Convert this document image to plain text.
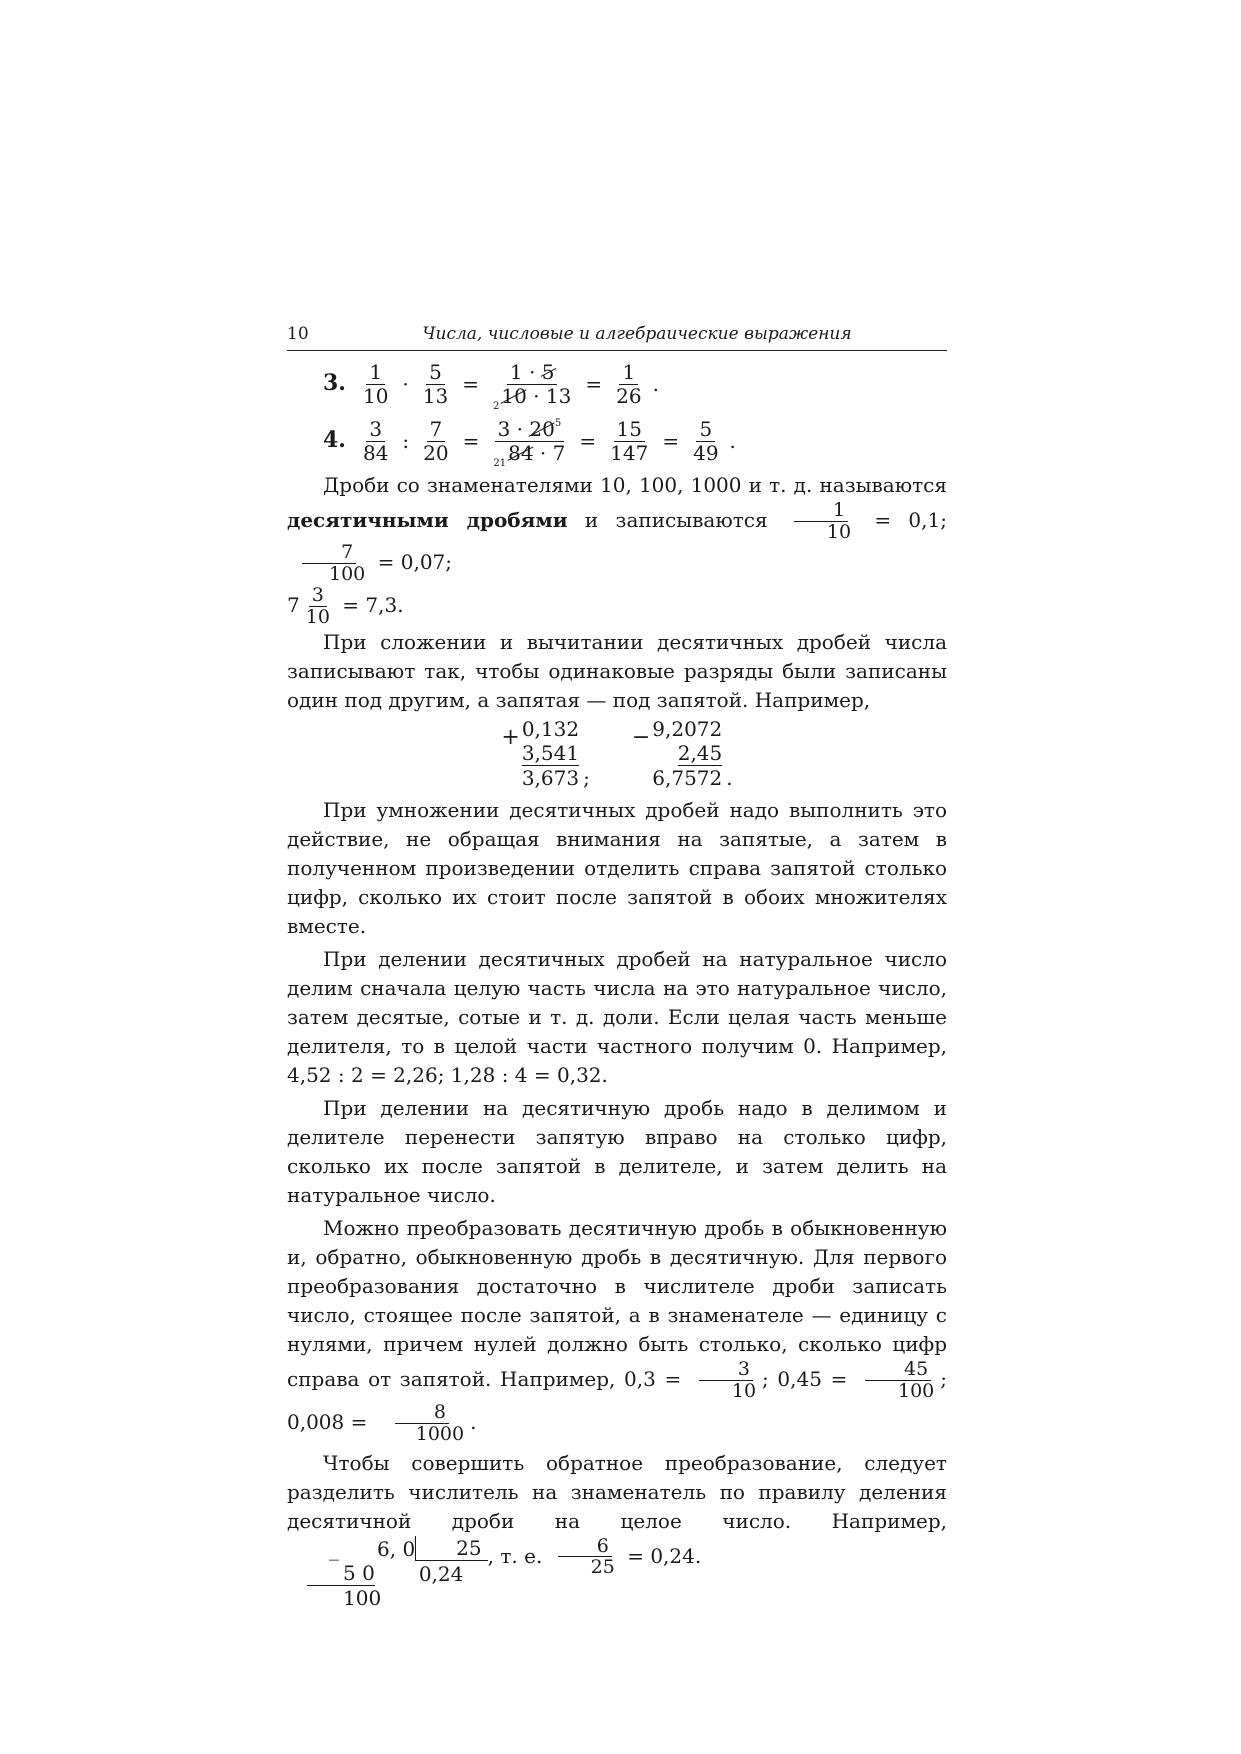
10	Числа, числовые и алгебраические выражения
3. $\frac{1}{10} \cdot \frac{5}{13} = \frac{1 \cdot 5}{_2 10 \cdot 13} = \frac{1}{26}$ .
4. $\frac{3}{84}$ : $\frac{7}{20} = \frac{3 \cdot 20^5}{_{21} 84 \cdot 7} = \frac{15}{147} = \frac{5}{49}$ .

Дроби со знаменателями 10, 100, 1000 и т. д. называются десятичными дробями и записываются $\frac{1}{10} = 0,1$;
$\frac{7}{100} = 0,07$;

$7 \frac{3}{10} = 7,3$.

При сложении и вычитании десятичных дробей числа записывают так, чтобы одинаковые разряды были записаны один под другим, а запятая — под запятой. Например,

+ 0,132
3,541
3,673 ;
− 9,2072
2,45
6,7572 .

При умножении десятичных дробей надо выполнить это действие, не обращая внимания на запятые, а затем в полученном произведении отделить справа запятой столько цифр, сколько их стоит после запятой в обоих множителях вместе.

При делении десятичных дробей на натуральное число делим сначала целую часть числа на это натуральное число, затем десятые, сотые и т. д. доли. Если целая часть меньше делителя, то в целой части частного получим 0. Например, 4,52 : 2 = 2,26; 1,28 : 4 = 0,32.

При делении на десятичную дробь надо в делимом и делителе перенести запятую вправо на столько цифр, сколько их после запятой в делителе, и затем делить на натуральное число.

Можно преобразовать десятичную дробь в обыкновенную и, обратно, обыкновенную дробь в десятичную. Для первого преобразования достаточно в числителе дроби записать число, стоящее после запятой, а в знаменателе — единицу с нулями, причем нулей должно быть столько, сколько цифр справа от запятой. Например, $0,3 = \frac{3}{10}$ ; $0,45 = \frac{45}{100}$ ; $0,008 = \frac{8}{1000}$ .

Чтобы совершить обратное преобразование, следует разделить числитель на знаменатель по правилу деления десятичной дроби на целое число. Например,
_	6, 0	25
5 0	0,24
100
, т. е. $\frac{6}{25} = 0,24$.
